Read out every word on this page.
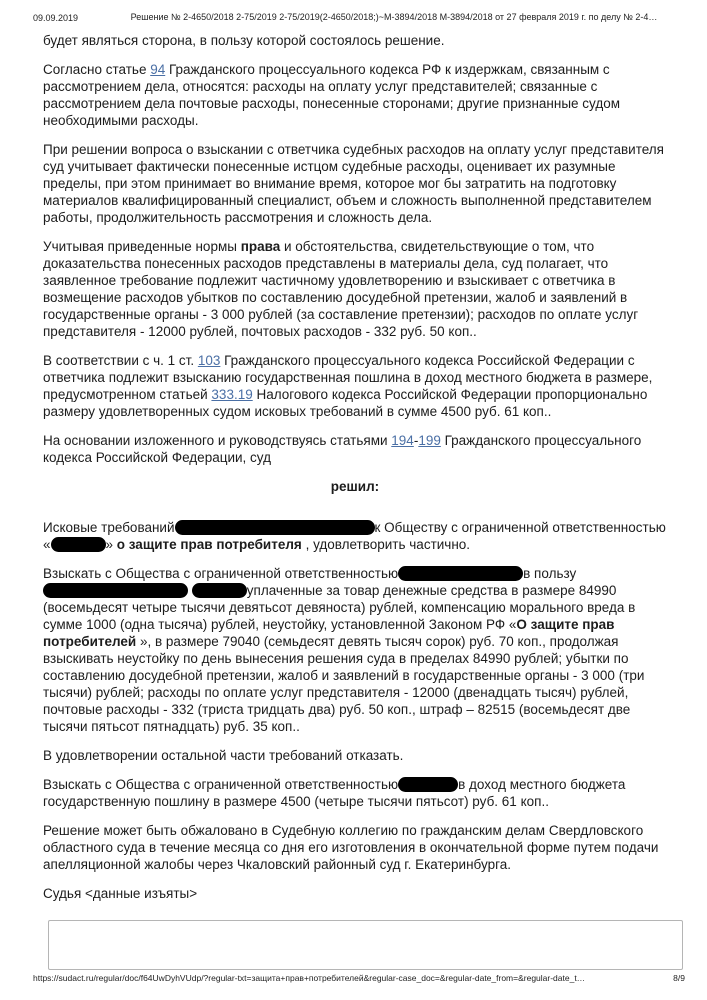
09.09.2019	Решение № 2-4650/2018 2-75/2019 2-75/2019(2-4650/2018;)~М-3894/2018 М-3894/2018 от 27 февраля 2019 г. по делу № 2-4…

будет являться сторона, в пользу которой состоялось решение.

Согласно статье 94 Гражданского процессуального кодекса РФ к издержкам, связанным с рассмотрением дела, относятся: расходы на оплату услуг представителей; связанные с рассмотрением дела почтовые расходы, понесенные сторонами; другие признанные судом необходимыми расходы.

При решении вопроса о взыскании с ответчика судебных расходов на оплату услуг представителя суд учитывает фактически понесенные истцом судебные расходы, оценивает их разумные пределы, при этом принимает во внимание время, которое мог бы затратить на подготовку материалов квалифицированный специалист, объем и сложность выполненной представителем работы, продолжительность рассмотрения и сложность дела.

Учитывая приведенные нормы права и обстоятельства, свидетельствующие о том, что доказательства понесенных расходов представлены в материалы дела, суд полагает, что заявленное требование подлежит частичному удовлетворению и взыскивает с ответчика в возмещение расходов убытков по составлению досудебной претензии, жалоб и заявлений в государственные органы - 3 000 рублей (за составление претензии); расходов по оплате услуг представителя - 12000 рублей, почтовых расходов - 332 руб. 50 коп..

В соответствии с ч. 1 ст. 103 Гражданского процессуального кодекса Российской Федерации с ответчика подлежит взысканию государственная пошлина в доход местного бюджета в размере, предусмотренном статьей 333.19 Налогового кодекса Российской Федерации пропорционально размеру удовлетворенных судом исковых требований в сумме 4500 руб. 61 коп..

На основании изложенного и руководствуясь статьями 194-199 Гражданского процессуального кодекса Российской Федерации, суд

решил:

Исковые требований	к Обществу с ограниченной ответственностью «	» о защите прав потребителя , удовлетворить частично.

Взыскать с Общества с ограниченной ответственностью	в пользу уплаченные за товар денежные средства в размере 84990 (восемьдесят четыре тысячи девятьсот девяноста) рублей, компенсацию морального вреда в сумме 1000 (одна тысяча) рублей, неустойку, установленной Законом РФ «О защите прав потребителей », в размере 79040 (семьдесят девять тысяч сорок) руб. 70 коп., продолжая взыскивать неустойку по день вынесения решения суда в пределах 84990 рублей; убытки по составлению досудебной претензии, жалоб и заявлений в государственные органы - 3 000 (три тысячи) рублей; расходы по оплате услуг представителя - 12000 (двенадцать тысяч) рублей, почтовые расходы - 332 (триста тридцать два) руб. 50 коп., штраф – 82515 (восемьдесят две тысячи пятьсот пятнадцать) руб. 35 коп..

В удовлетворении остальной части требований отказать.

Взыскать с Общества с ограниченной ответственностью	в доход местного бюджета государственную пошлину в размере 4500 (четыре тысячи пятьсот) руб. 61 коп..

Решение может быть обжаловано в Судебную коллегию по гражданским делам Свердловского областного суда в течение месяца со дня его изготовления в окончательной форме путем подачи апелляционной жалобы через Чкаловский районный суд г. Екатеринбурга.

Судья <данные изъяты>

https://sudact.ru/regular/doc/f64UwDyhVUdp/?regular-txt=защита+прав+потребителей&regular-case_doc=&regular-date_from=&regular-date_t…	8/9
